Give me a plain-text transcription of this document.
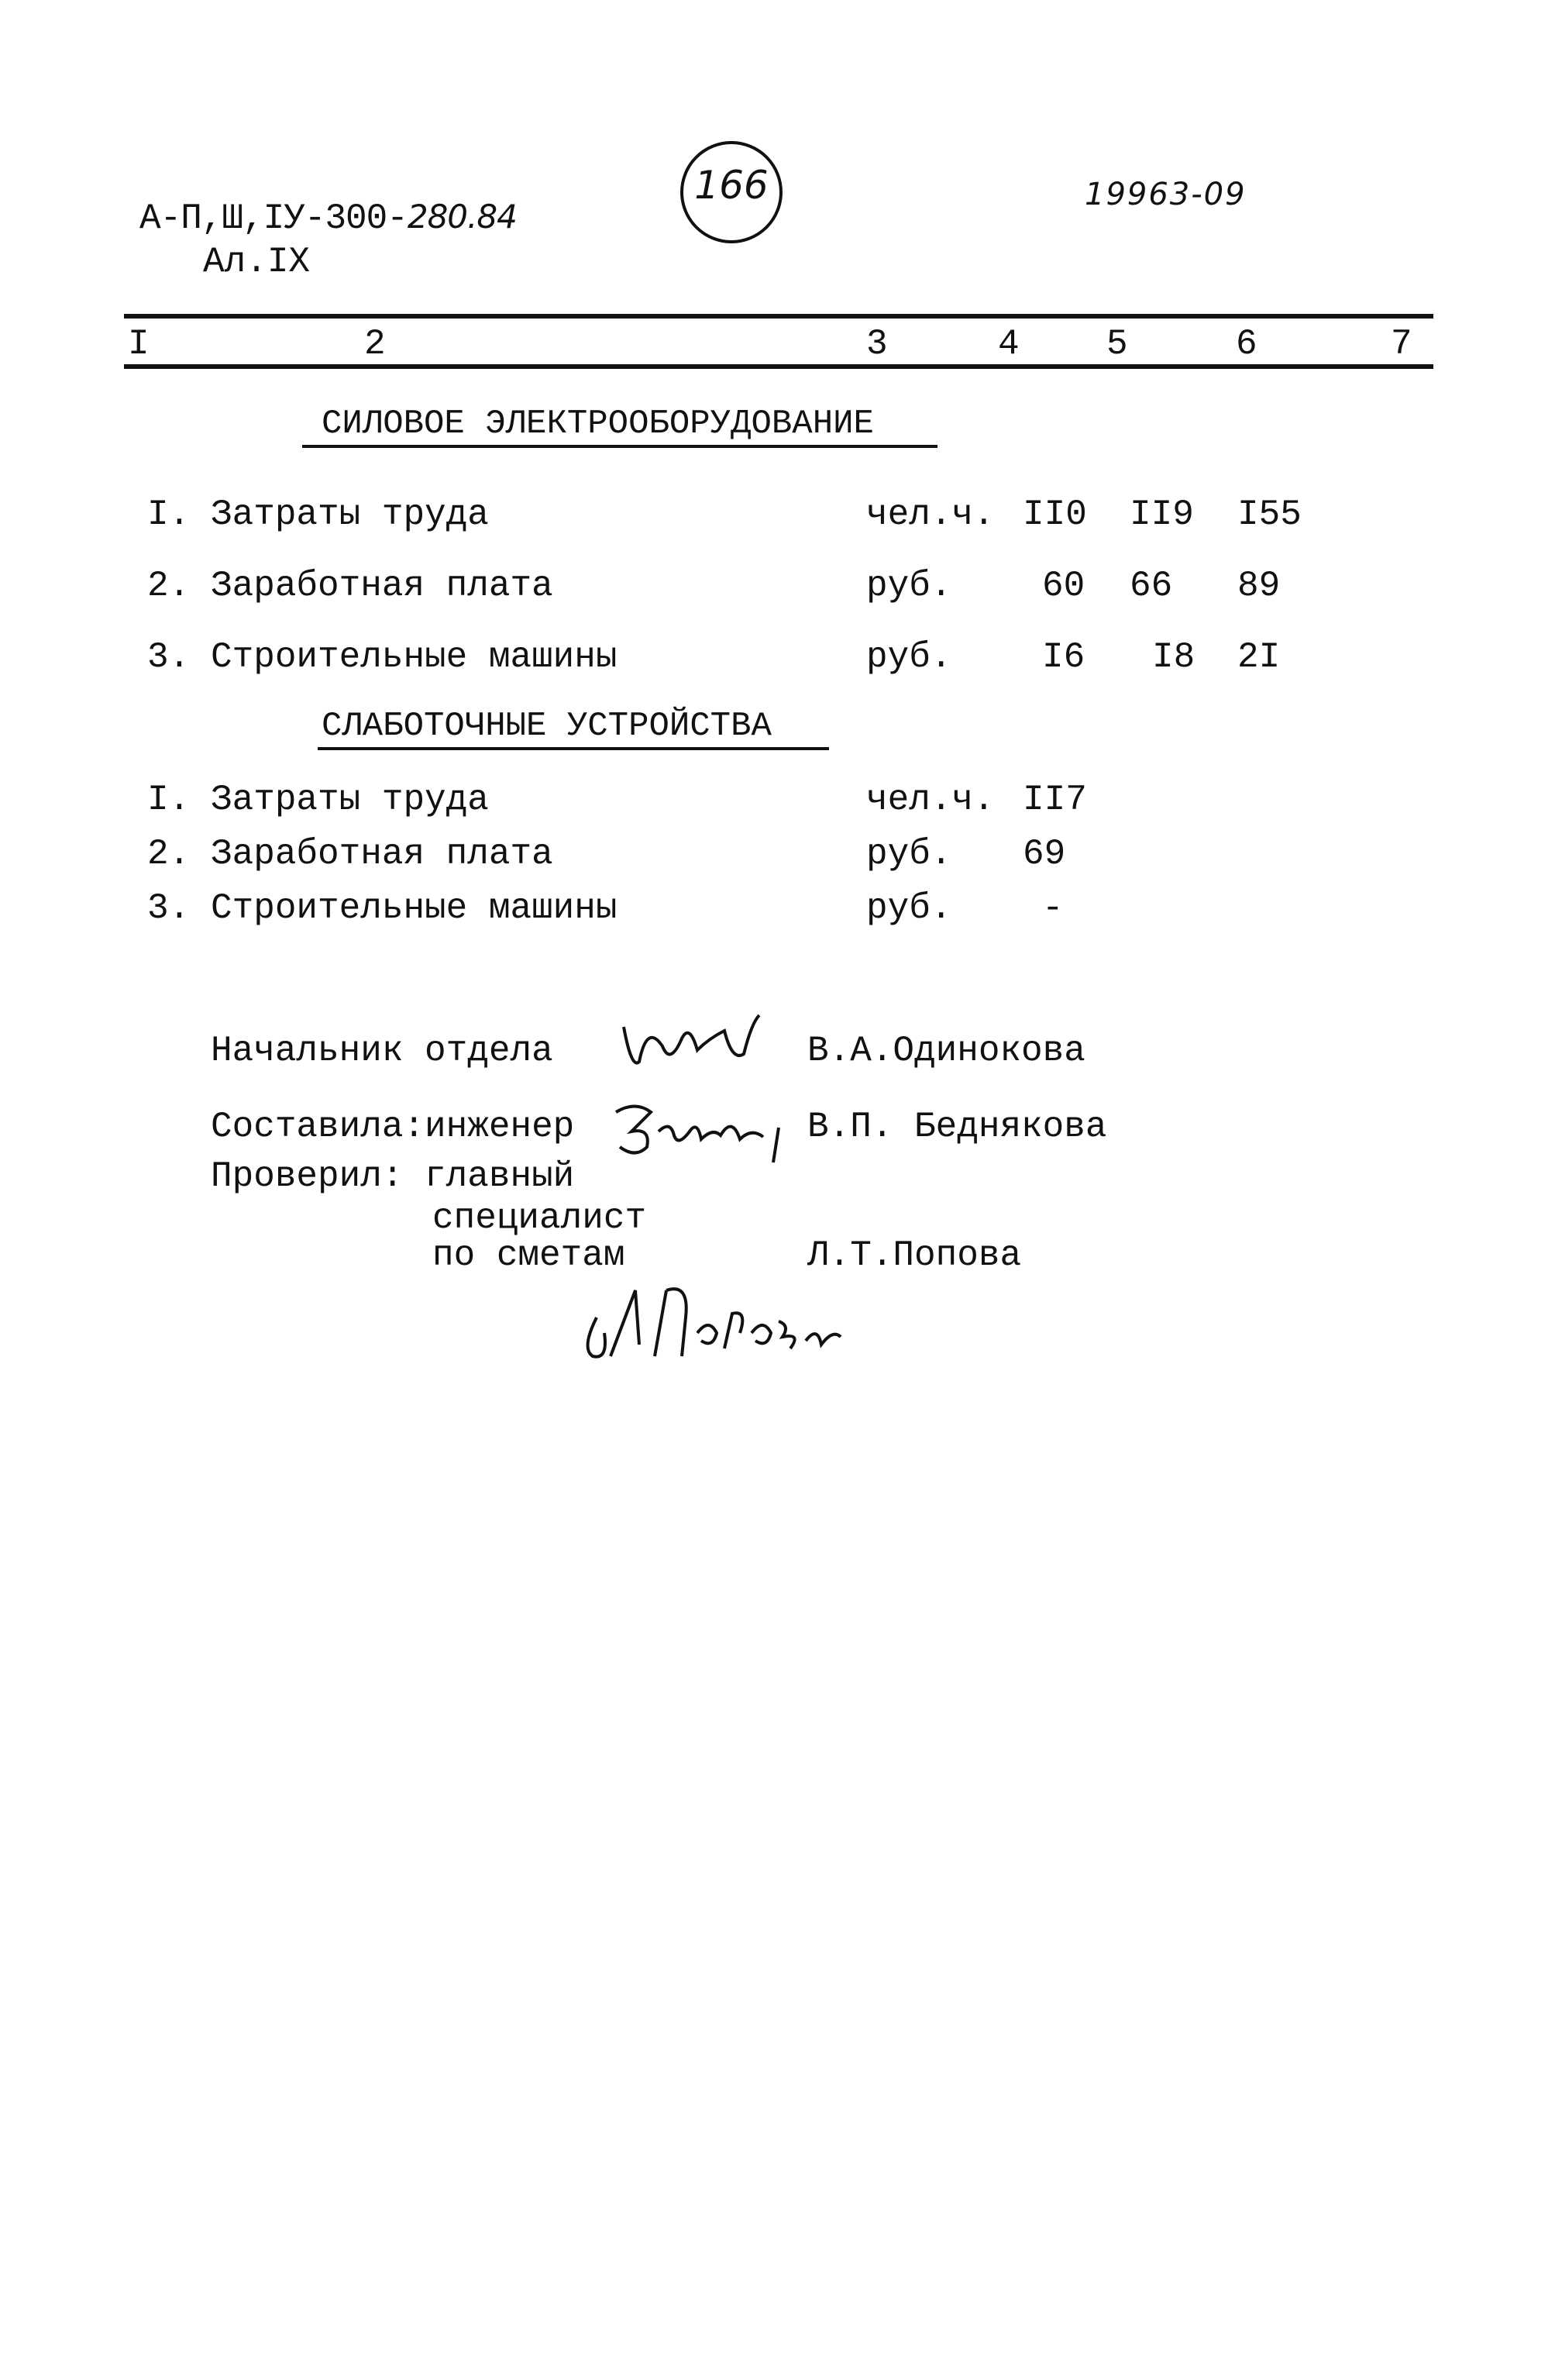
А-П,Ш,IУ-300-280.84
Ал.IX
166	19963-09
I	2	3	4 5	6	7
СИЛОВОЕ ЭЛЕКТРООБОРУДОВАНИЕ
I. Затраты труда	чел.ч. II0 II9 I55
2. Заработная плата	руб.	60 66 89
3. Строительные машины	руб.	I6 I8 2I
СЛАБОТОЧНЫЕ УСТРОЙСТВА
I. Затраты труда	чел.ч. II7
2. Заработная плата	руб. 69
3. Строительные машины	руб.	-
Начальник отдела	В.А.Одинокова
Составила:инженер	В.П. Беднякова
Проверил: главный
специалист
по сметам	Л.Т.Попова
